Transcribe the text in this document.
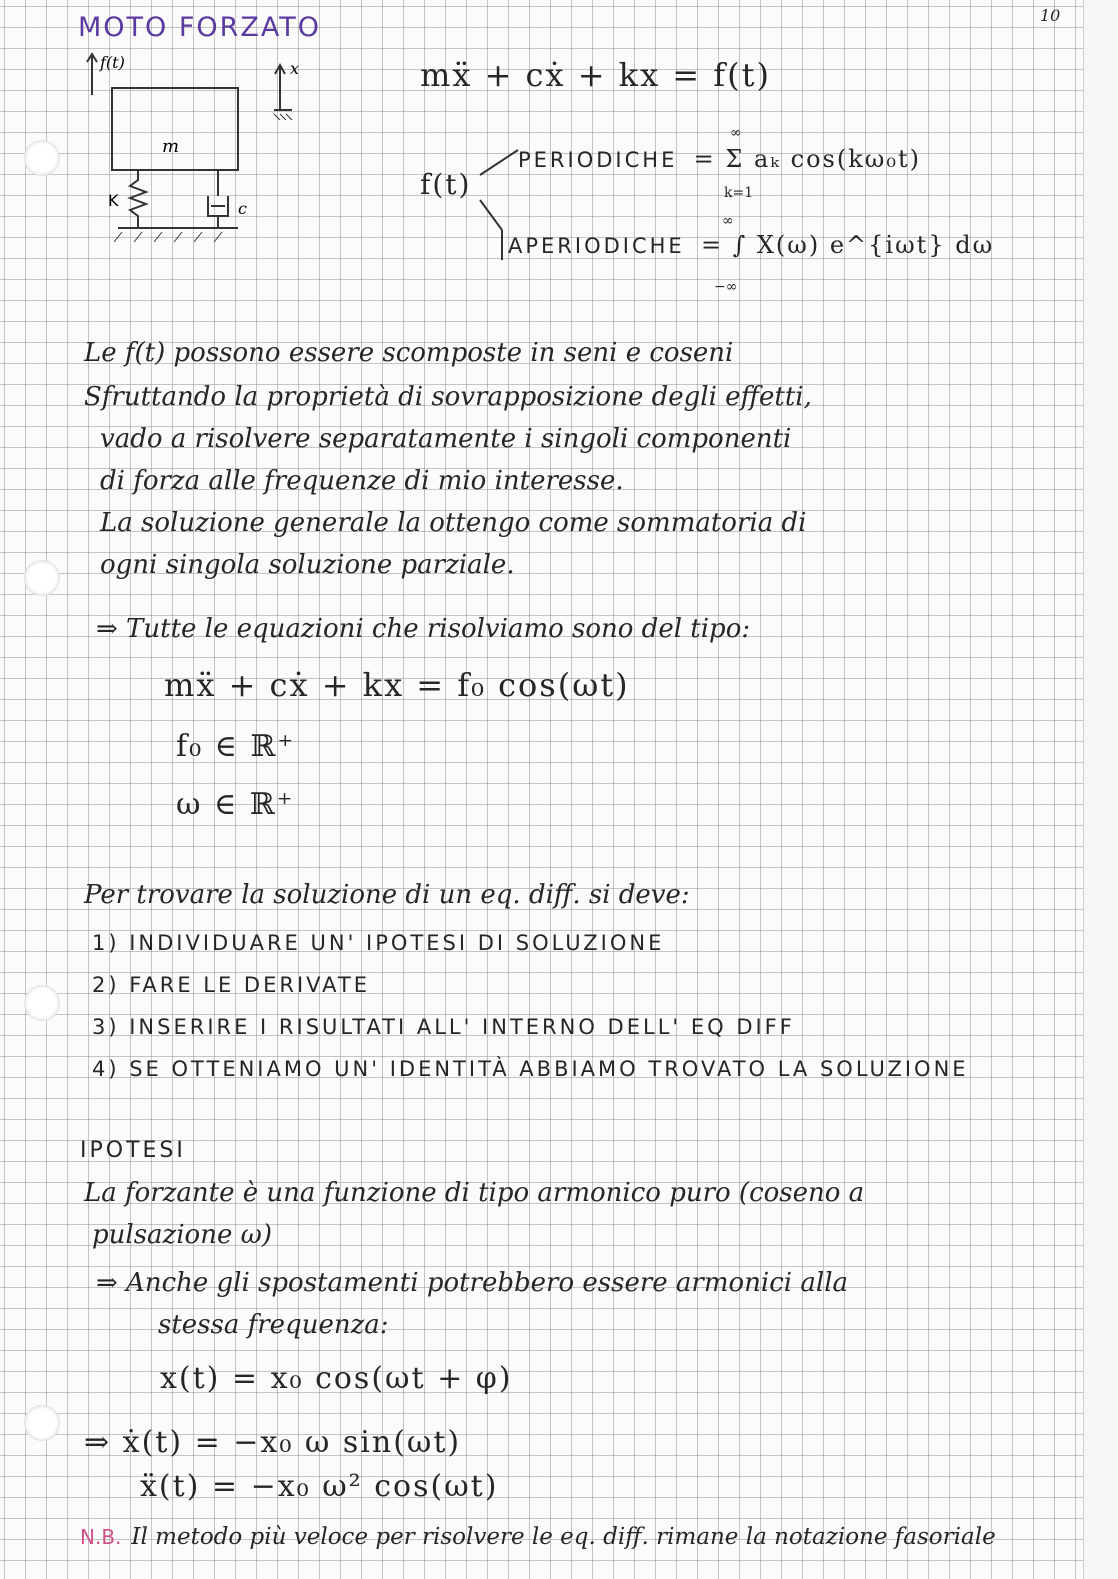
MOTO FORZATO	10
f(t)
m
x
K	c
mẍ + cẋ + kx = f(t)
f(t)
PERIODICHE = Σ aₖ cos(kω₀t)
∞
k=1
APERIODICHE = ∫ X(ω) e^{iωt} dω
∞
−∞
Le f(t) possono essere scomposte in seni e coseni
Sfruttando la proprietà di sovrapposizione degli effetti,
vado a risolvere separatamente i singoli componenti
di forza alle frequenze di mio interesse.
La soluzione generale la ottengo come sommatoria di
ogni singola soluzione parziale.
⇒ Tutte le equazioni che risolviamo sono del tipo:
mẍ + cẋ + kx = f₀ cos(ωt)
f₀ ∈ ℝ⁺
ω ∈ ℝ⁺
Per trovare la soluzione di un eq. diff. si deve:
1) INDIVIDUARE UN' IPOTESI DI SOLUZIONE
2) FARE LE DERIVATE
3) INSERIRE I RISULTATI ALL' INTERNO DELL' EQ DIFF
4) SE OTTENIAMO UN' IDENTITÀ ABBIAMO TROVATO LA SOLUZIONE
IPOTESI
La forzante è una funzione di tipo armonico puro (coseno a
pulsazione ω)
⇒ Anche gli spostamenti potrebbero essere armonici alla
stessa frequenza:
x(t) = x₀ cos(ωt + φ)
⇒ ẋ(t) = −x₀ ω sin(ωt)
ẍ(t) = −x₀ ω² cos(ωt)
N.B. Il metodo più veloce per risolvere le eq. diff. rimane la notazione fasoriale
